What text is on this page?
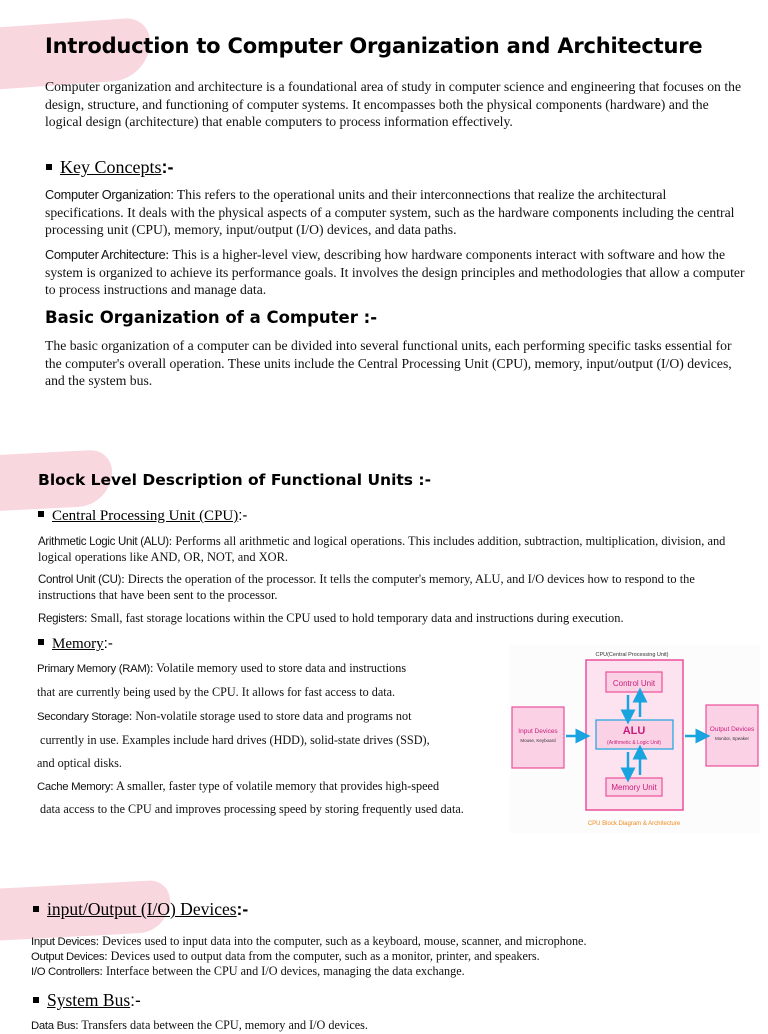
Introduction to Computer Organization and Architecture
Computer organization and architecture is a foundational area of study in computer science and engineering that focuses on the design, structure, and functioning of computer systems. It encompasses both the physical components (hardware) and the logical design (architecture) that enable computers to process information effectively.
Key Concepts :-
Computer Organization: This refers to the operational units and their interconnections that realize the architectural specifications. It deals with the physical aspects of a computer system, such as the hardware components including the central processing unit (CPU), memory, input/output (I/O) devices, and data paths.
Computer Architecture: This is a higher-level view, describing how hardware components interact with software and how the system is organized to achieve its performance goals. It involves the design principles and methodologies that allow a computer to process instructions and manage data.
Basic Organization of a Computer :-
The basic organization of a computer can be divided into several functional units, each performing specific tasks essential for the computer's overall operation. These units include the Central Processing Unit (CPU), memory, input/output (I/O) devices, and the system bus.
Block Level Description of Functional Units :-
Central Processing Unit (CPU) :-
Arithmetic Logic Unit (ALU): Performs all arithmetic and logical operations. This includes addition, subtraction, multiplication, division, and logical operations like AND, OR, NOT, and XOR.
Control Unit (CU): Directs the operation of the processor. It tells the computer's memory, ALU, and I/O devices how to respond to the instructions that have been sent to the processor.
Registers: Small, fast storage locations within the CPU used to hold temporary data and instructions during execution.
Memory :-
Primary Memory (RAM): Volatile memory used to store data and instructions
that are currently being used by the CPU. It allows for fast access to data.
Secondary Storage: Non-volatile storage used to store data and programs not
currently in use. Examples include hard drives (HDD), solid-state drives (SSD),
and optical disks.
Cache Memory: A smaller, faster type of volatile memory that provides high-speed
data access to the CPU and improves processing speed by storing frequently used data.
CPU(Central Processing Unit)
Control Unit
ALU
(Arithmetic & Logic Unit)
Memory Unit
Input Devices
Mouse, Keyboard
Output Devices
Monitor, Speaker
CPU Block Diagram & Architecture
input/Output (I/O) Devices :-
Input Devices: Devices used to input data into the computer, such as a keyboard, mouse, scanner, and microphone.
Output Devices: Devices used to output data from the computer, such as a monitor, printer, and speakers.
I/O Controllers: Interface between the CPU and I/O devices, managing the data exchange.
System Bus :-
Data Bus: Transfers data between the CPU, memory and I/O devices.
